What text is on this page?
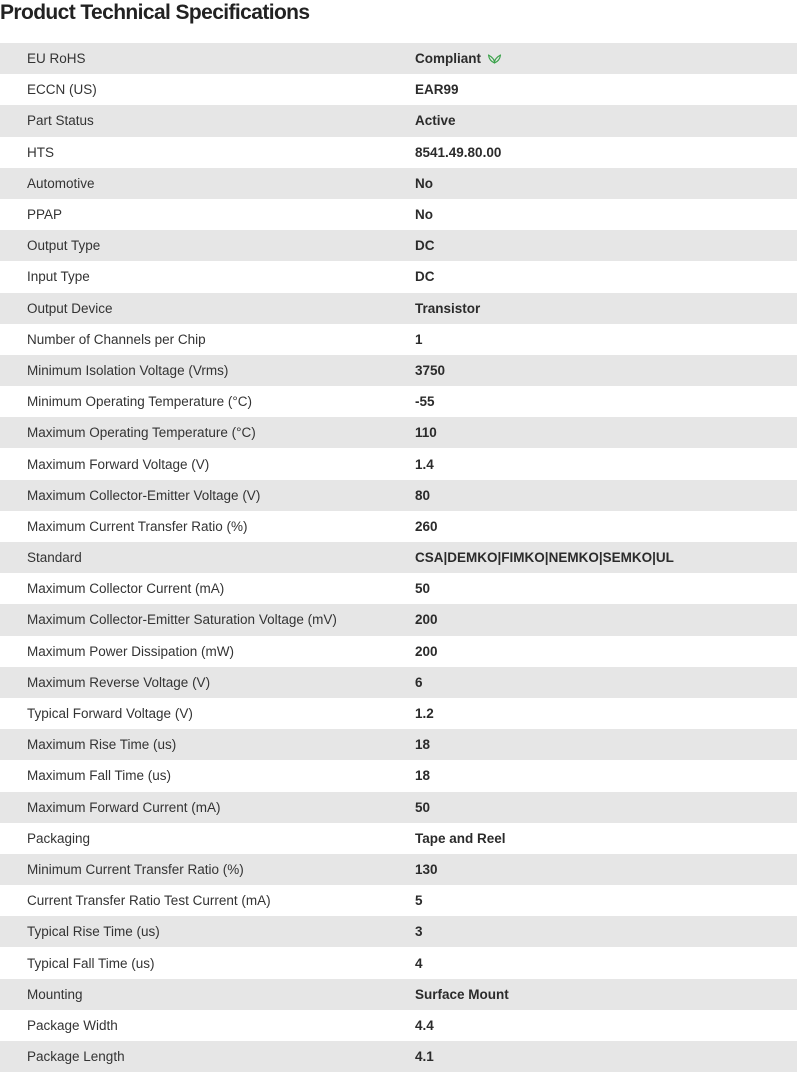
Product Technical Specifications
EU RoHS	Compliant
ECCN (US)	EAR99
Part Status	Active
HTS	8541.49.80.00
Automotive	No
PPAP	No
Output Type	DC
Input Type	DC
Output Device	Transistor
Number of Channels per Chip	1
Minimum Isolation Voltage (Vrms)	3750
Minimum Operating Temperature (°C)	-55
Maximum Operating Temperature (°C)	110
Maximum Forward Voltage (V)	1.4
Maximum Collector-Emitter Voltage (V)	80
Maximum Current Transfer Ratio (%)	260
Standard	CSA|DEMKO|FIMKO|NEMKO|SEMKO|UL
Maximum Collector Current (mA)	50
Maximum Collector-Emitter Saturation Voltage (mV)	200
Maximum Power Dissipation (mW)	200
Maximum Reverse Voltage (V)	6
Typical Forward Voltage (V)	1.2
Maximum Rise Time (us)	18
Maximum Fall Time (us)	18
Maximum Forward Current (mA)	50
Packaging	Tape and Reel
Minimum Current Transfer Ratio (%)	130
Current Transfer Ratio Test Current (mA)	5
Typical Rise Time (us)	3
Typical Fall Time (us)	4
Mounting	Surface Mount
Package Width	4.4
Package Length	4.1
